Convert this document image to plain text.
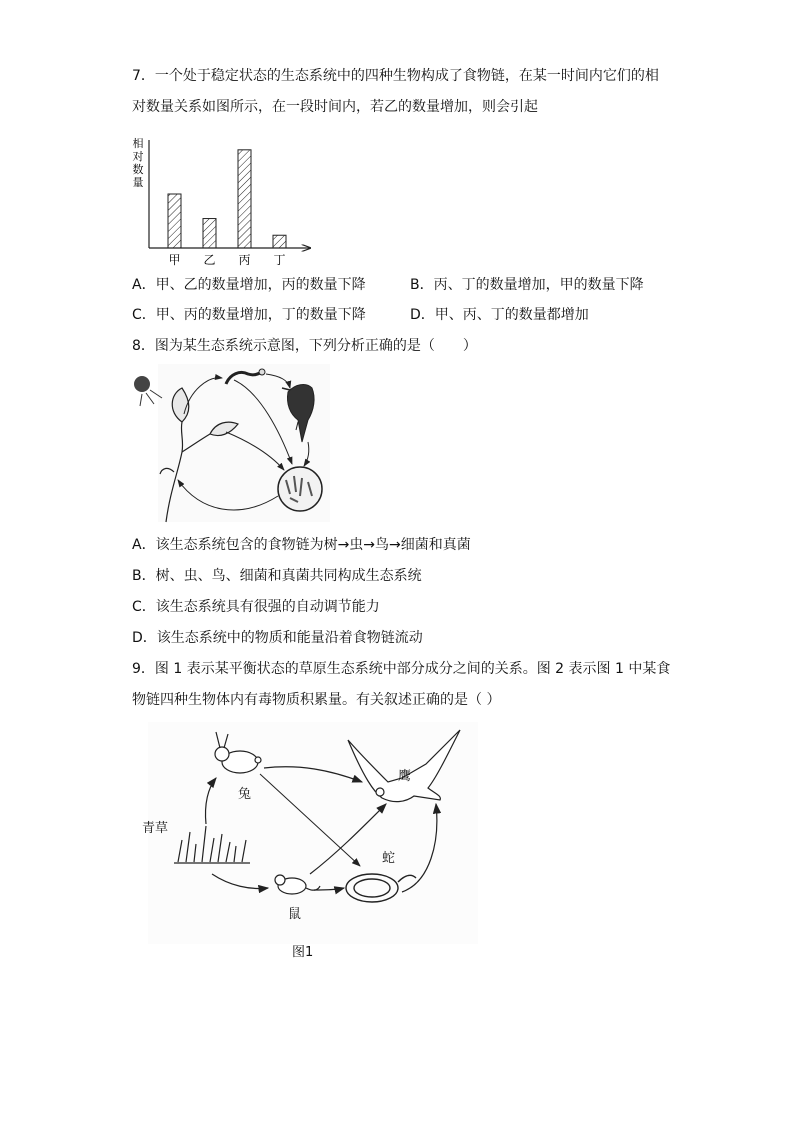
7．一个处于稳定状态的生态系统中的四种生物构成了食物链，在某一时间内它们的相
对数量关系如图所示，在一段时间内，若乙的数量增加，则会引起
相
对
数
量
甲 乙 丙 丁
A．甲、乙的数量增加，丙的数量下降	B．丙、丁的数量增加，甲的数量下降
C．甲、丙的数量增加，丁的数量下降	D．甲、丙、丁的数量都增加
8．图为某生态系统示意图，下列分析正确的是（　　）
A．该生态系统包含的食物链为树→虫→鸟→细菌和真菌
B．树、虫、鸟、细菌和真菌共同构成生态系统
C．该生态系统具有很强的自动调节能力
D．该生态系统中的物质和能量沿着食物链流动
9．图 1 表示某平衡状态的草原生态系统中部分成分之间的关系。图 2 表示图 1 中某食
物链四种生物体内有毒物质积累量。有关叙述正确的是（ ）
鹰
兔
青草
蛇
鼠
图1
